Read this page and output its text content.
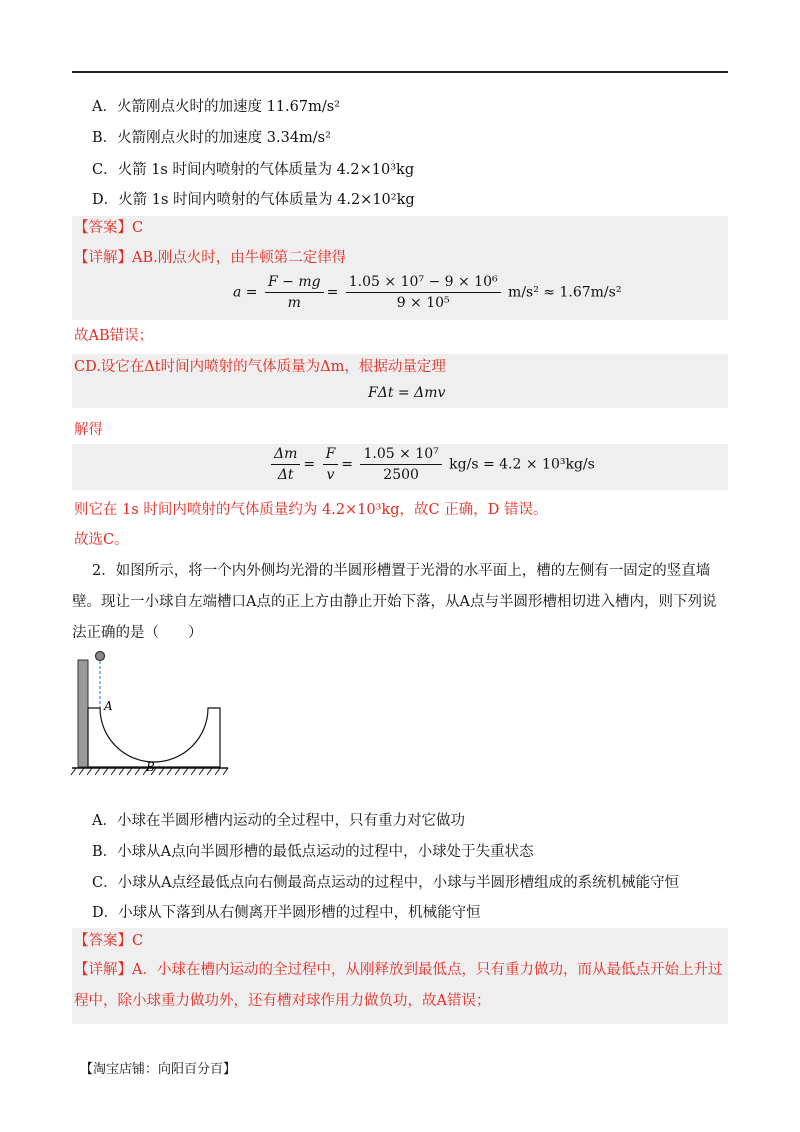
A．火箭刚点火时的加速度 11.67m/s²
B．火箭刚点火时的加速度 3.34m/s²
C．火箭 1s 时间内喷射的气体质量为 4.2×10³kg
D．火箭 1s 时间内喷射的气体质量为 4.2×10²kg
【答案】C
【详解】AB.刚点火时，由牛顿第二定律得
$a = \frac{F - mg}{m} = \frac{\text{1.05 × 10⁷ − 9 × 10⁶}}{\text{9 × 10⁵}} m/s^2 \approx 1.67m/s^2$
故AB错误；
CD.设它在Δt时间内喷射的气体质量为Δm，根据动量定理
FΔt = Δmv
解得
$\frac{\Delta m}{\Delta t} = \frac{F}{v} = \frac{\text{1.05 × 10⁷}}{2500} kg/s = 4.2 \times 10^3kg/s$
则它在 1s 时间内喷射的气体质量约为 4.2×10³kg，故C 正确，D 错误。
故选C。
2．如图所示，将一个内外侧均光滑的半圆形槽置于光滑的水平面上，槽的左侧有一固定的竖直墙壁。现让一小球自左端槽口A点的正上方由静止开始下落，从A点与半圆形槽相切进入槽内，则下列说法正确的是（　　）
A
B
A．小球在半圆形槽内运动的全过程中，只有重力对它做功
B．小球从A点向半圆形槽的最低点运动的过程中，小球处于失重状态
C．小球从A点经最低点向右侧最高点运动的过程中，小球与半圆形槽组成的系统机械能守恒
D．小球从下落到从右侧离开半圆形槽的过程中，机械能守恒
【答案】C
【详解】A．小球在槽内运动的全过程中，从刚释放到最低点，只有重力做功，而从最低点开始上升过程中，除小球重力做功外，还有槽对球作用力做负功，故A错误；
【淘宝店铺：向阳百分百】
